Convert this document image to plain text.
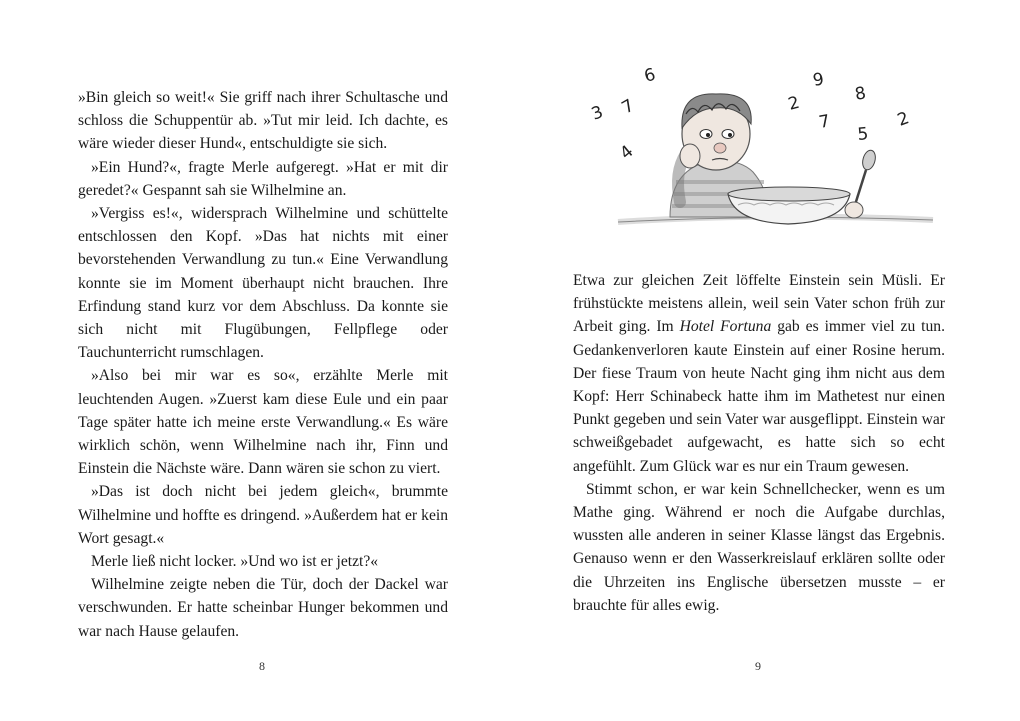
»Bin gleich so weit!« Sie griff nach ihrer Schultasche und schloss die Schuppentür ab. »Tut mir leid. Ich dachte, es wäre wieder dieser Hund«, entschuldigte sie sich.

»Ein Hund?«, fragte Merle aufgeregt. »Hat er mit dir geredet?« Gespannt sah sie Wilhelmine an.

»Vergiss es!«, widersprach Wilhelmine und schüttelte entschlossen den Kopf. »Das hat nichts mit einer bevorstehenden Verwandlung zu tun.« Eine Verwandlung konnte sie im Moment überhaupt nicht brauchen. Ihre Erfindung stand kurz vor dem Abschluss. Da konnte sie sich nicht mit Flugübungen, Fellpflege oder Tauchunterricht rumschlagen.

»Also bei mir war es so«, erzählte Merle mit leuchtenden Augen. »Zuerst kam diese Eule und ein paar Tage später hatte ich meine erste Verwandlung.« Es wäre wirklich schön, wenn Wilhelmine nach ihr, Finn und Einstein die Nächste wäre. Dann wären sie schon zu viert.

»Das ist doch nicht bei jedem gleich«, brummte Wilhelmine und hoffte es dringend. »Außerdem hat er kein Wort gesagt.«

Merle ließ nicht locker. »Und wo ist er jetzt?«

Wilhelmine zeigte neben die Tür, doch der Dackel war verschwunden. Er hatte scheinbar Hunger bekommen und war nach Hause gelaufen.

8
6
3 7
4
9
8
2
7
5
2

Etwa zur gleichen Zeit löffelte Einstein sein Müsli. Er frühstückte meistens allein, weil sein Vater schon früh zur Arbeit ging. Im Hotel Fortuna gab es immer viel zu tun. Gedankenverloren kaute Einstein auf einer Rosine herum. Der fiese Traum von heute Nacht ging ihm nicht aus dem Kopf: Herr Schinabeck hatte ihm im Mathetest nur einen Punkt gegeben und sein Vater war ausgeflippt. Einstein war schweißgebadet aufgewacht, es hatte sich so echt angefühlt. Zum Glück war es nur ein Traum gewesen.

Stimmt schon, er war kein Schnellchecker, wenn es um Mathe ging. Während er noch die Aufgabe durchlas, wussten alle anderen in seiner Klasse längst das Ergebnis. Genauso wenn er den Wasserkreislauf erklären sollte oder die Uhrzeiten ins Englische übersetzen musste – er brauchte für alles ewig.

9
